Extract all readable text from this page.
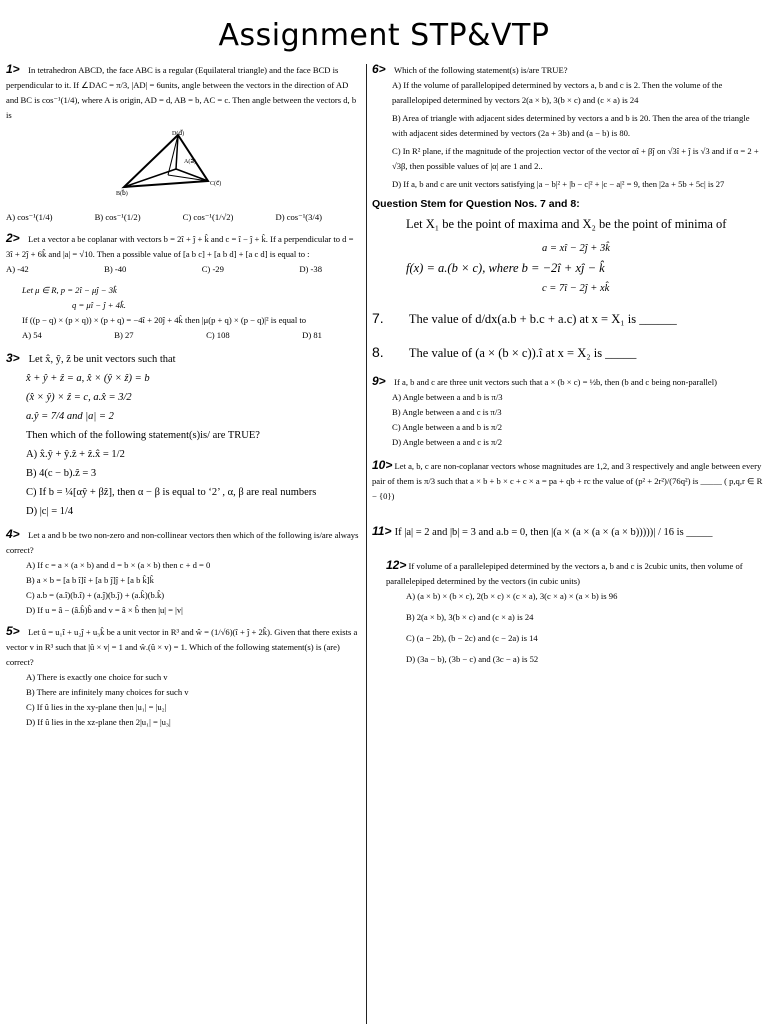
Assignment STP&VTP
1> In tetrahedron ABCD, the face ABC is a regular (Equilateral triangle) and the face BCD is perpendicular to it. If ∠DAC = π/3, |AD| = 6units, angle between the vectors in the direction of AD and BC is cos⁻¹(1/4), where A is origin, AD = d, AB = b, AC = c. Then angle between the vectors d, b is
D(d⃗)
C(c⃗)
B(b⃗)
A(a⃗)
A) cos⁻¹(1/4)	B) cos⁻¹(1/2)	C) cos⁻¹(1/√2)	D) cos⁻¹(3/4)
2> Let a vector a be coplanar with vectors b = 2î + ĵ + k̂ and c = î − ĵ + k̂. If a perpendicular to d = 3î + 2ĵ + 6k̂ and |a| = √10. Then a possible value of [a b c] + [a b d] + [a c d] is equal to :
A) -42	B) -40	C) -29	D) -38
Let μ ∈ R, p = 2î − μĵ − 3k̂
q = μî − ĵ + 4k̂.
If ((p − q) × (p × q)) × (p + q) = −4î + 20ĵ + 4k̂ then |μ(p + q) × (p − q)|² is equal to
A) 54	B) 27	C) 108	D) 81
3> Let x̂, ŷ, ẑ be unit vectors such that
x̂ + ŷ + ẑ = a, x̂ × (ŷ × ẑ) = b
(x̂ × ŷ) × ẑ = c, a.x̂ = 3/2
a.ŷ = 7/4 and |a| = 2
Then which of the following statement(s)is/ are TRUE?
A) x̂.ŷ + ŷ.ẑ + ẑ.x̂ = 1/2
B) 4(c − b).ẑ = 3
C) If b = ¼[αŷ + βẑ], then α − β is equal to ‘2’ , α, β are real numbers
D) |c| = 1/4
4> Let a and b be two non-zero and non-collinear vectors then which of the following is/are always correct?
A) If c = a × (a × b) and d = b × (a × b) then c + d = 0
B) a × b = [a b î]î + [a b ĵ]ĵ + [a b k̂]k̂
C) a.b = (a.î)(b.î) + (a.ĵ)(b.ĵ) + (a.k̂)(b.k̂)
D) If u = â − (â.b̂)b̂ and v = â × b̂ then |u| = |v|
5> Let û = u₁î + u₂ĵ + u₃k̂ be a unit vector in R³ and ŵ = (1/√6)(î + ĵ + 2k̂). Given that there exists a vector v in R³ such that |û × v| = 1 and ŵ.(û × v) = 1. Which of the following statement(s) is (are) correct?
A) There is exactly one choice for such v
B) There are infinitely many choices for such v
C) If û lies in the xy-plane then |u₁| = |u₂|
D) If û lies in the xz-plane then 2|u₁| = |u₃|
6> Which of the following statement(s) is/are TRUE?
A) If the volume of parallelopiped determined by vectors a, b and c is 2. Then the volume of the parallelopiped determined by vectors 2(a × b), 3(b × c) and (c × a) is 24
B) Area of triangle with adjacent sides determined by vectors a and b is 20. Then the area of the triangle with adjacent sides determined by vectors (2a + 3b) and (a − b) is 80.
C) In R² plane, if the magnitude of the projection vector of the vector αî + βĵ on √3î + ĵ is √3 and if α = 2 + √3β, then possible values of |α| are 1 and 2..
D) If a, b and c are unit vectors satisfying |a − b|² + |b − c|² + |c − a|² = 9, then |2a + 5b + 5c| is 27
Question Stem for Question Nos. 7 and 8:
Let X₁ be the point of maxima and X₂ be the point of minima of
a = xî − 2ĵ + 3k̂
f(x) = a.(b × c), where b = −2î + xĵ − k̂
c = 7î − 2ĵ + xk̂
7. The value of d/dx(a.b + b.c + a.c) at x = X₁ is ______
8. The value of (a × (b × c)).î at x = X₂ is _____
9> If a, b and c are three unit vectors such that a × (b × c) = ½b, then (b and c being non-parallel)
A) Angle between a and b is π/3
B) Angle between a and c is π/3
C) Angle between a and b is π/2
D) Angle between a and c is π/2
10> Let a, b, c are non-coplanar vectors whose magnitudes are 1,2, and 3 respectively and angle between every pair of them is π/3 such that a × b + b × c + c × a = pa + qb + rc the value of (p² + 2r²)/(76q²) is _____ ( p,q,r ∈ R − {0})
11> If |a| = 2 and |b| = 3 and a.b = 0, then |(a × (a × (a × (a × b)))))| / 16 is _____
12> If volume of a parallelepiped determined by the vectors a, b and c is 2cubic units, then volume of parallelepiped determined by the vectors (in cubic units)
A) (a × b) × (b × c), 2(b × c) × (c × a), 3(c × a) × (a × b) is 96
B) 2(a × b), 3(b × c) and (c × a) is 24
C) (a − 2b), (b − 2c) and (c − 2a) is 14
D) (3a − b), (3b − c) and (3c − a) is 52
